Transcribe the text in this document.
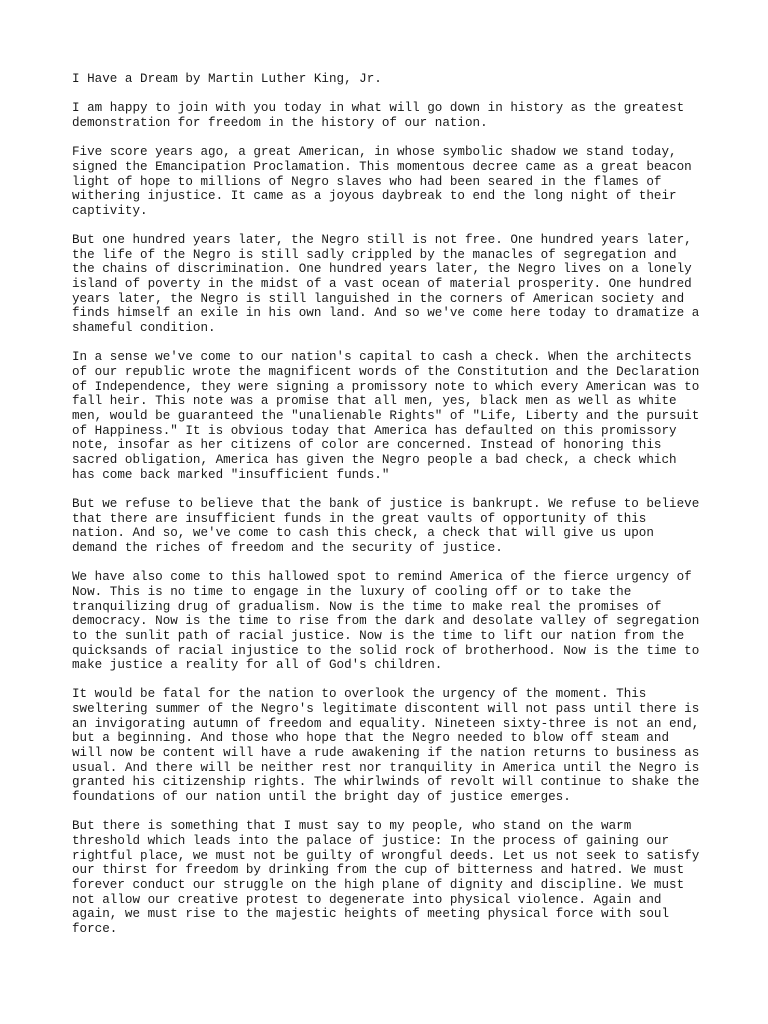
I Have a Dream by Martin Luther King, Jr.

I am happy to join with you today in what will go down in history as the greatest
demonstration for freedom in the history of our nation.

Five score years ago, a great American, in whose symbolic shadow we stand today,
signed the Emancipation Proclamation. This momentous decree came as a great beacon
light of hope to millions of Negro slaves who had been seared in the flames of
withering injustice. It came as a joyous daybreak to end the long night of their
captivity.

But one hundred years later, the Negro still is not free. One hundred years later,
the life of the Negro is still sadly crippled by the manacles of segregation and
the chains of discrimination. One hundred years later, the Negro lives on a lonely
island of poverty in the midst of a vast ocean of material prosperity. One hundred
years later, the Negro is still languished in the corners of American society and
finds himself an exile in his own land. And so we've come here today to dramatize a
shameful condition.

In a sense we've come to our nation's capital to cash a check. When the architects
of our republic wrote the magnificent words of the Constitution and the Declaration
of Independence, they were signing a promissory note to which every American was to
fall heir. This note was a promise that all men, yes, black men as well as white
men, would be guaranteed the "unalienable Rights" of "Life, Liberty and the pursuit
of Happiness." It is obvious today that America has defaulted on this promissory
note, insofar as her citizens of color are concerned. Instead of honoring this
sacred obligation, America has given the Negro people a bad check, a check which
has come back marked "insufficient funds."

But we refuse to believe that the bank of justice is bankrupt. We refuse to believe
that there are insufficient funds in the great vaults of opportunity of this
nation. And so, we've come to cash this check, a check that will give us upon
demand the riches of freedom and the security of justice.

We have also come to this hallowed spot to remind America of the fierce urgency of
Now. This is no time to engage in the luxury of cooling off or to take the
tranquilizing drug of gradualism. Now is the time to make real the promises of
democracy. Now is the time to rise from the dark and desolate valley of segregation
to the sunlit path of racial justice. Now is the time to lift our nation from the
quicksands of racial injustice to the solid rock of brotherhood. Now is the time to
make justice a reality for all of God's children.

It would be fatal for the nation to overlook the urgency of the moment. This
sweltering summer of the Negro's legitimate discontent will not pass until there is
an invigorating autumn of freedom and equality. Nineteen sixty-three is not an end,
but a beginning. And those who hope that the Negro needed to blow off steam and
will now be content will have a rude awakening if the nation returns to business as
usual. And there will be neither rest nor tranquility in America until the Negro is
granted his citizenship rights. The whirlwinds of revolt will continue to shake the
foundations of our nation until the bright day of justice emerges.

But there is something that I must say to my people, who stand on the warm
threshold which leads into the palace of justice: In the process of gaining our
rightful place, we must not be guilty of wrongful deeds. Let us not seek to satisfy
our thirst for freedom by drinking from the cup of bitterness and hatred. We must
forever conduct our struggle on the high plane of dignity and discipline. We must
not allow our creative protest to degenerate into physical violence. Again and
again, we must rise to the majestic heights of meeting physical force with soul
force.
